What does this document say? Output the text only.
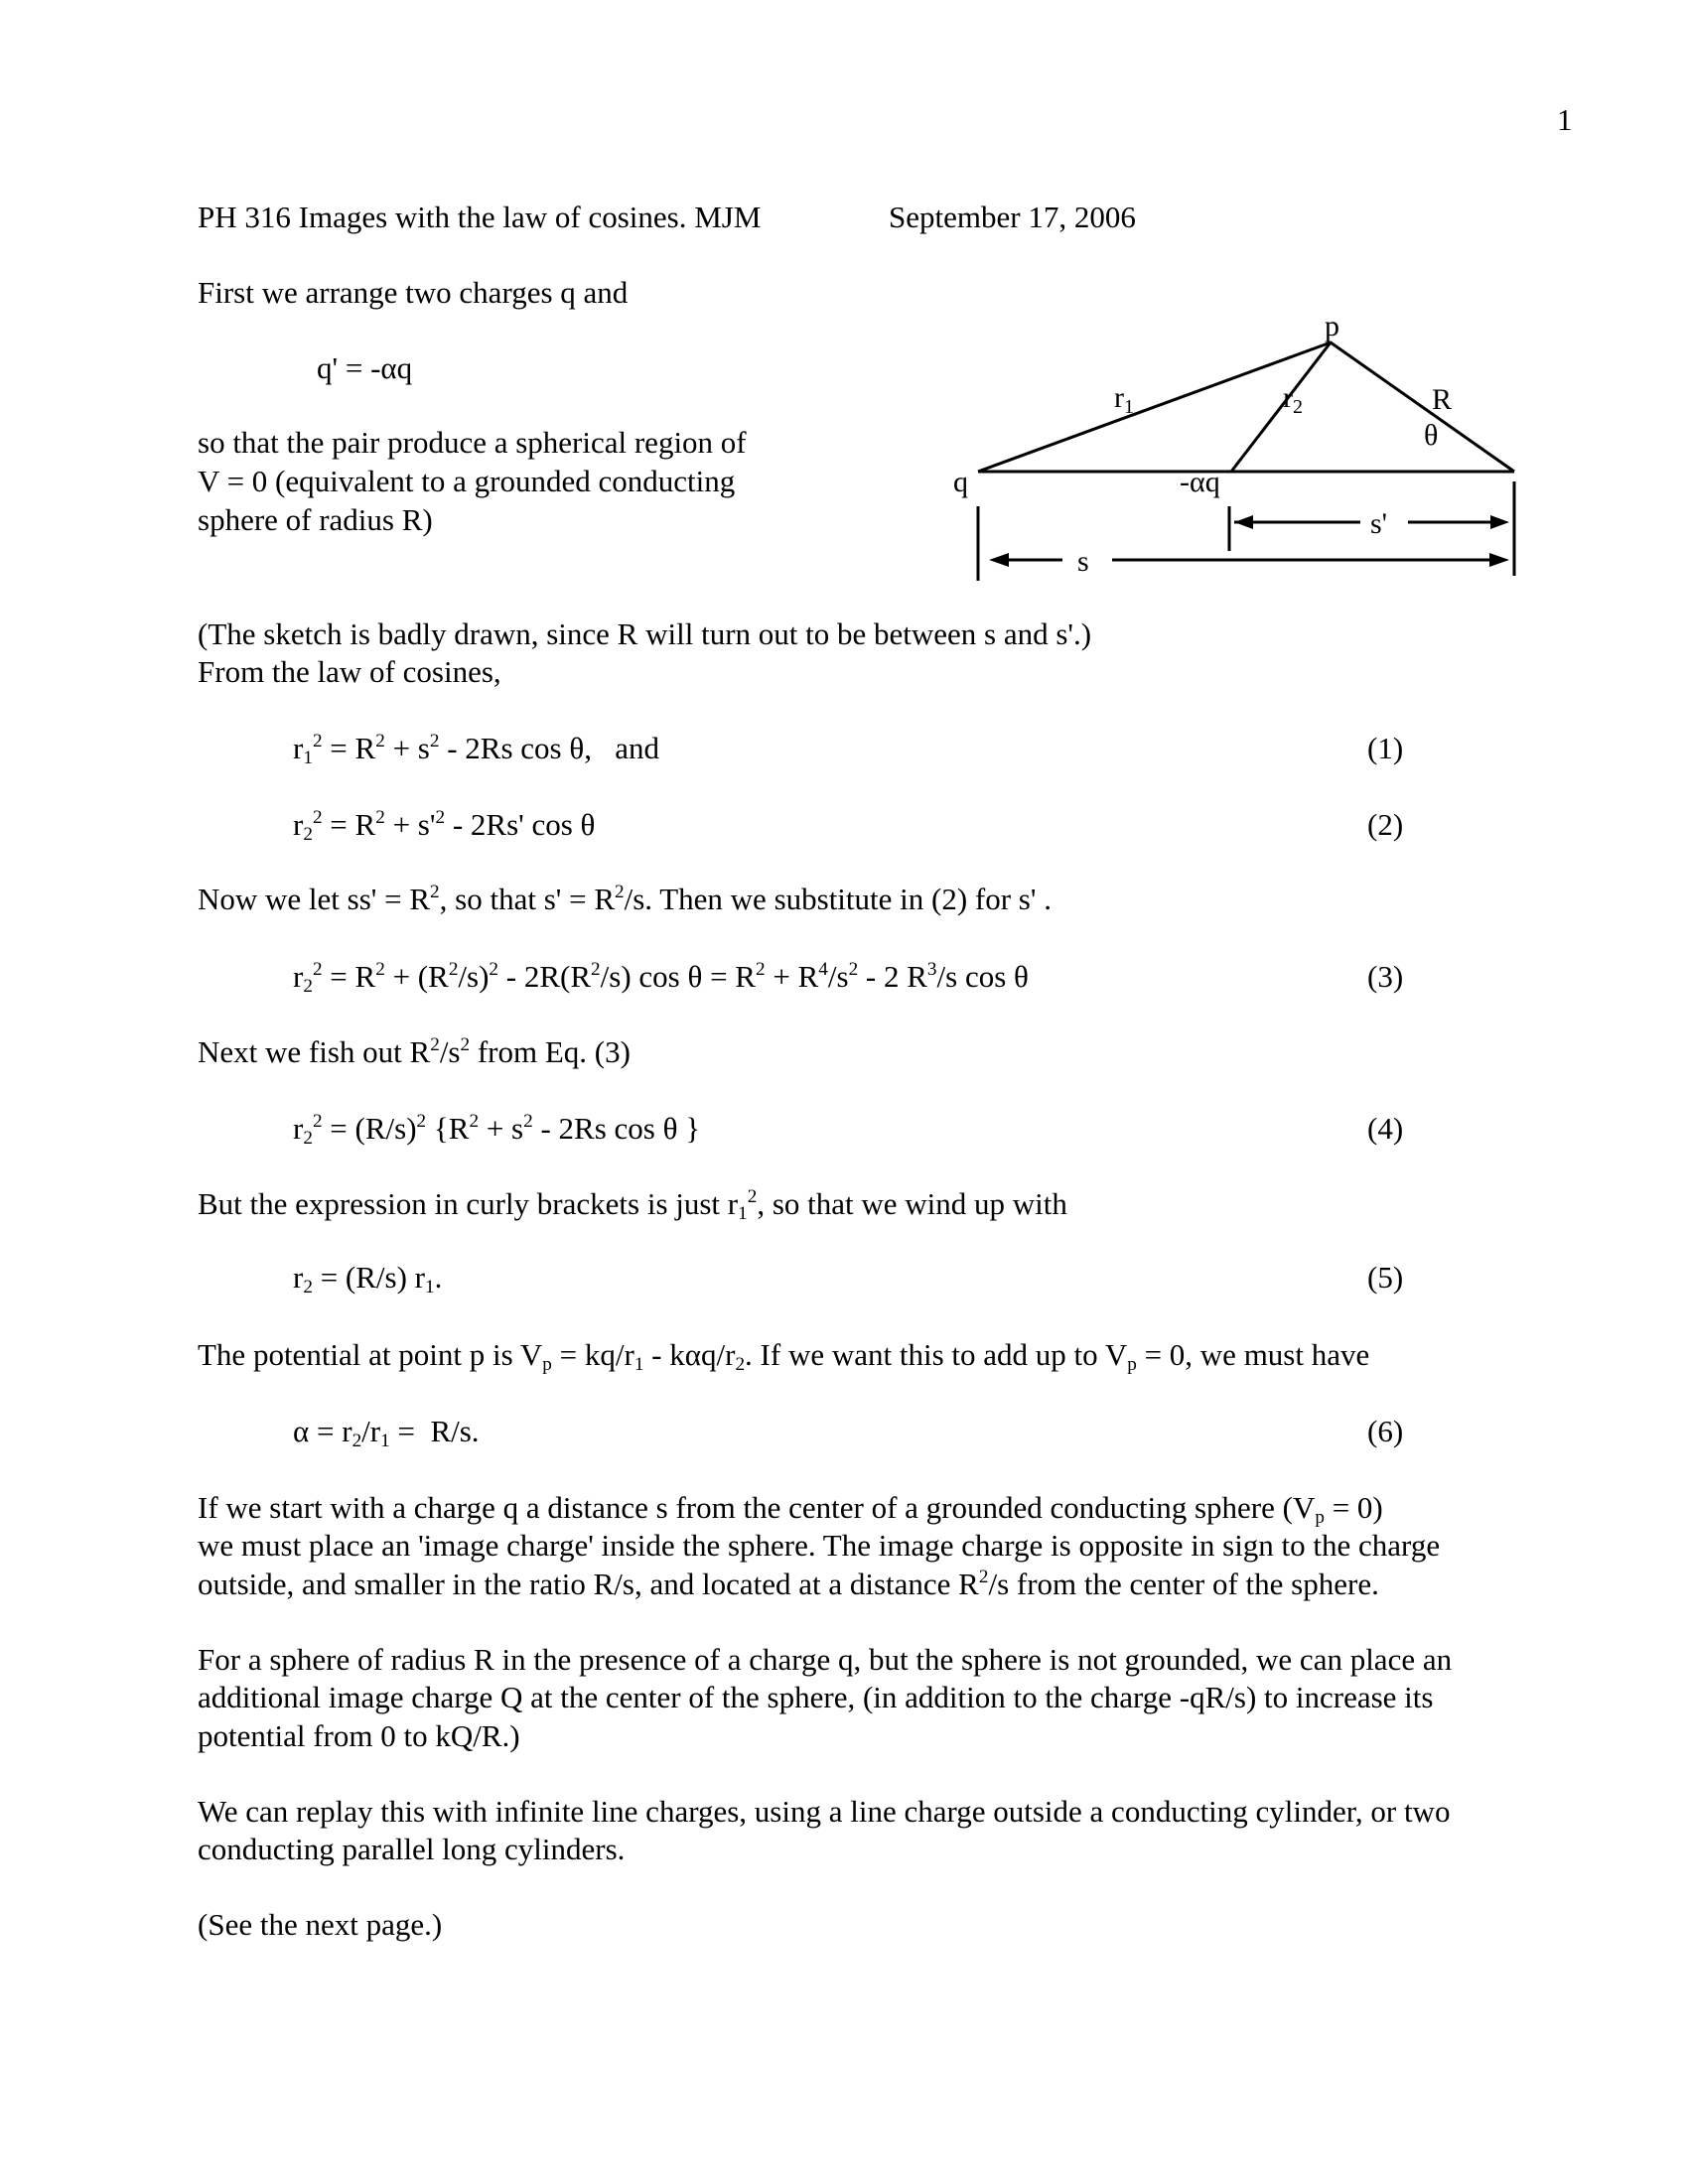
1
PH 316 Images with the law of cosines. MJM	September 17, 2006
First we arrange two charges q and
q' = -αq
so that the pair produce a spherical region of
V = 0 (equivalent to a grounded conducting
sphere of radius R)
p
$r_1$	$r_2$	R
θ
q	-αq
s'
s
(The sketch is badly drawn, since R will turn out to be between s and s'.)
From the law of cosines,
$r_1^2 = R^2 + s^2 - 2Rs$ cos θ,   and	(1)
$r_2^2 = R^2 + s'^2 - 2Rs'$ cos θ	(2)
Now we let $ss' = R^2$, so that $s' = R^2/s$. Then we substitute in (2) for s' .
$r_2^2 = R^2 + (R^2/s)^2 - 2R(R^2/s)$ $\cos \theta = R^2 + R^4/s^2 - 2$ $R^3/s$ cos θ	(3)
Next we fish out $R^2/s^2$ from Eq. (3)
$r_2^2 = (R/s)^2$ {$R^2 + s^2 - 2Rs$ cos θ }	(4)
But the expression in curly brackets is just $r_1^2$, so that we wind up with
$r_2 = (R/s)$ $r_1$.	(5)
The potential at point p is $V_p = kq/r_1 - k\alpha q/r_2$. If we want this to add up to $V_p = 0$, we must have
$\alpha = r_2/r_1 = R/s$.	(6)
If we start with a charge q a distance s from the center of a grounded conducting sphere $(V_p = 0)$
we must place an 'image charge' inside the sphere. The image charge is opposite in sign to the charge
outside, and smaller in the ratio R/s, and located at a distance $R^2/s$ from the center of the sphere.
For a sphere of radius R in the presence of a charge q, but the sphere is not grounded, we can place an
additional image charge Q at the center of the sphere, (in addition to the charge -qR/s) to increase its
potential from 0 to kQ/R.)
We can replay this with infinite line charges, using a line charge outside a conducting cylinder, or two
conducting parallel long cylinders.
(See the next page.)
